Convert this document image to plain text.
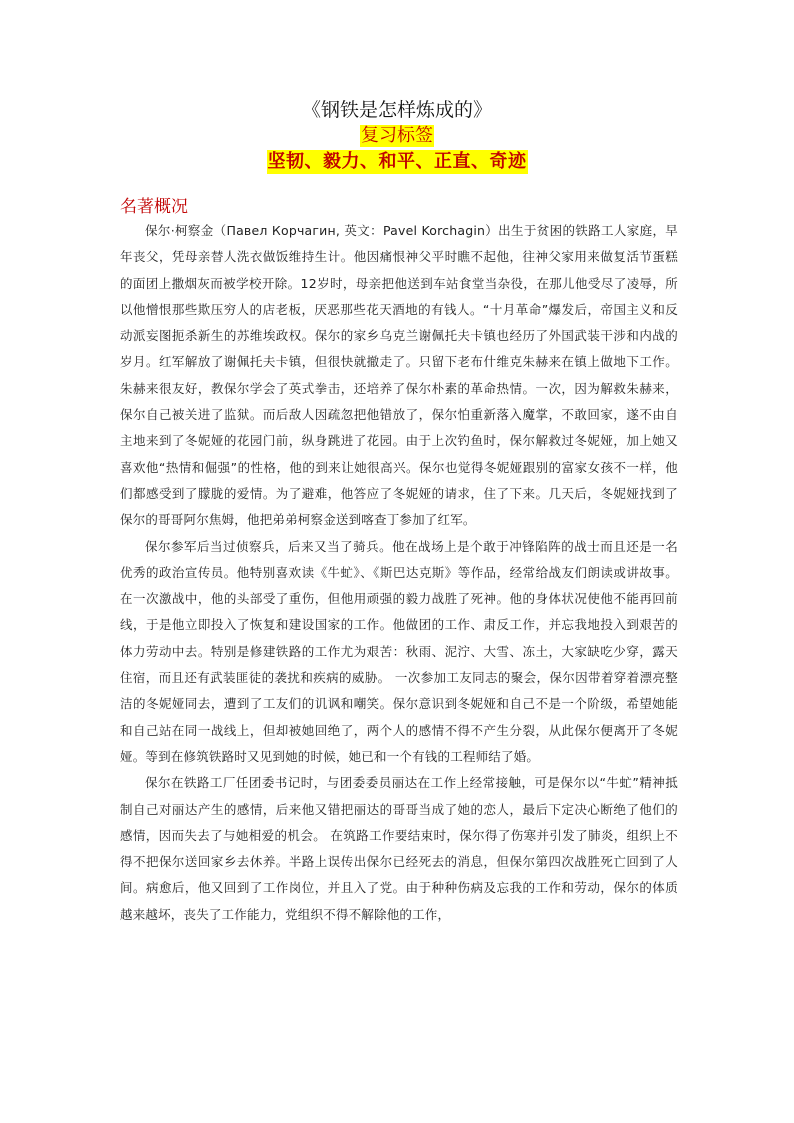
《钢铁是怎样炼成的》
复习标签
坚韧、毅力、和平、正直、奇迹
名著概况

保尔·柯察金（Павел Корчагин, 英文：Pavel Korchagin）出生于贫困的铁路工人家庭，早年丧父，凭母亲替人洗衣做饭维持生计。他因痛恨神父平时瞧不起他，往神父家用来做复活节蛋糕的面团上撒烟灰而被学校开除。12岁时，母亲把他送到车站食堂当杂役，在那儿他受尽了凌辱，所以他憎恨那些欺压穷人的店老板，厌恶那些花天酒地的有钱人。“十月革命”爆发后，帝国主义和反动派妄图扼杀新生的苏维埃政权。保尔的家乡乌克兰谢佩托夫卡镇也经历了外国武装干涉和内战的岁月。红军解放了谢佩托夫卡镇，但很快就撤走了。只留下老布什维克朱赫来在镇上做地下工作。 朱赫来很友好，教保尔学会了英式拳击，还培养了保尔朴素的革命热情。一次，因为解救朱赫来，保尔自己被关进了监狱。而后敌人因疏忽把他错放了，保尔怕重新落入魔掌，不敢回家，遂不由自主地来到了冬妮娅的花园门前，纵身跳进了花园。由于上次钓鱼时，保尔解救过冬妮娅，加上她又喜欢他“热情和倔强”的性格，他的到来让她很高兴。保尔也觉得冬妮娅跟别的富家女孩不一样，他们都感受到了朦胧的爱情。为了避难，他答应了冬妮娅的请求，住了下来。几天后，冬妮娅找到了保尔的哥哥阿尔焦姆，他把弟弟柯察金送到喀查丁参加了红军。

保尔参军后当过侦察兵，后来又当了骑兵。他在战场上是个敢于冲锋陷阵的战士而且还是一名优秀的政治宣传员。他特别喜欢读《牛虻》、《斯巴达克斯》等作品，经常给战友们朗读或讲故事。在一次激战中，他的头部受了重伤，但他用顽强的毅力战胜了死神。他的身体状况使他不能再回前线，于是他立即投入了恢复和建设国家的工作。他做团的工作、肃反工作，并忘我地投入到艰苦的体力劳动中去。特别是修建铁路的工作尤为艰苦：秋雨、泥泞、大雪、冻土，大家缺吃少穿，露天住宿，而且还有武装匪徒的袭扰和疾病的威胁。 一次参加工友同志的聚会，保尔因带着穿着漂亮整洁的冬妮娅同去，遭到了工友们的讥讽和嘲笑。保尔意识到冬妮娅和自己不是一个阶级，希望她能和自己站在同一战线上，但却被她回绝了，两个人的感情不得不产生分裂，从此保尔便离开了冬妮娅。等到在修筑铁路时又见到她的时候，她已和一个有钱的工程师结了婚。

保尔在铁路工厂任团委书记时，与团委委员丽达在工作上经常接触，可是保尔以“牛虻”精神抵制自己对丽达产生的感情，后来他又错把丽达的哥哥当成了她的恋人，最后下定决心断绝了他们的感情，因而失去了与她相爱的机会。 在筑路工作要结束时，保尔得了伤寒并引发了肺炎，组织上不得不把保尔送回家乡去休养。半路上误传出保尔已经死去的消息，但保尔第四次战胜死亡回到了人间。病愈后，他又回到了工作岗位，并且入了党。由于种种伤病及忘我的工作和劳动，保尔的体质越来越坏，丧失了工作能力，党组织不得不解除他的工作，
